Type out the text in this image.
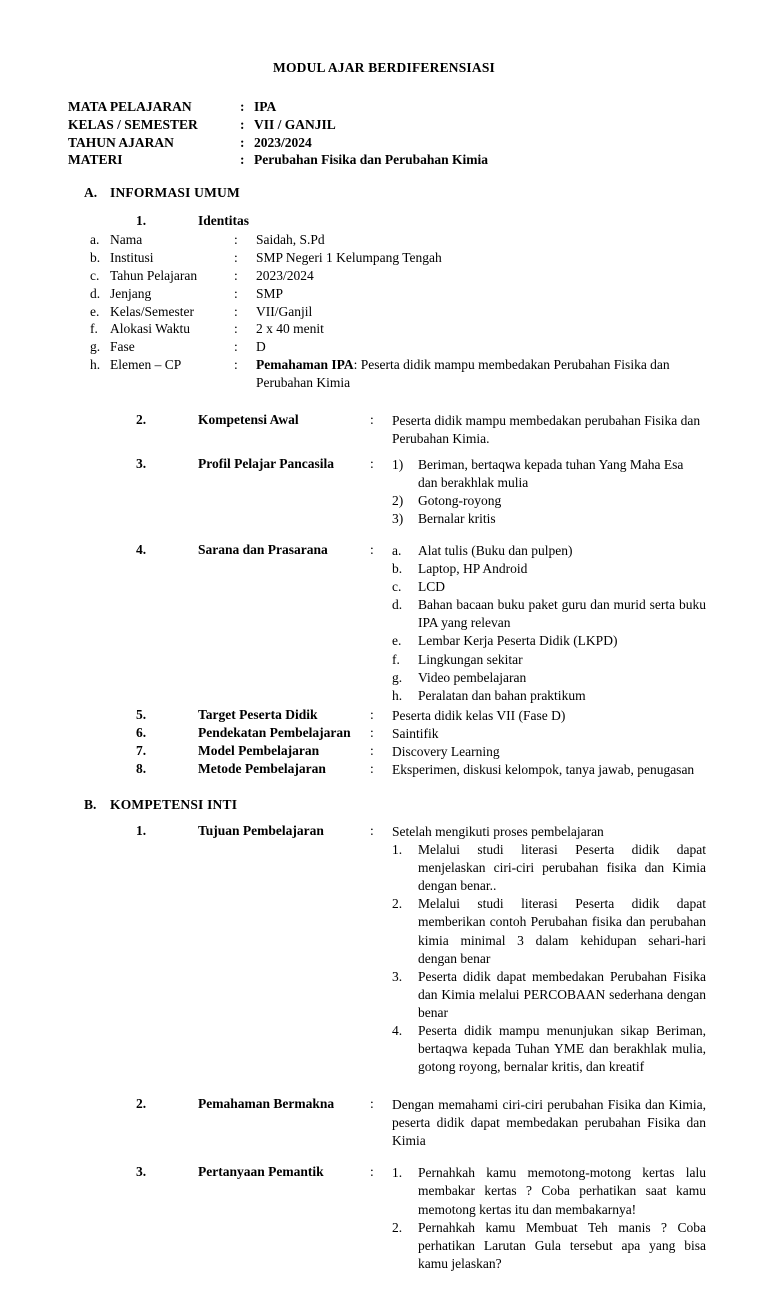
MODUL AJAR BERDIFERENSIASI
MATA PELAJARAN	: IPA
KELAS / SEMESTER	: VII / GANJIL
TAHUN AJARAN	: 2023/2024
MATERI	: Perubahan Fisika dan Perubahan Kimia
A. INFORMASI UMUM
1.	Identitas
a. Nama	:	Saidah, S.Pd
b. Institusi	:	SMP Negeri 1 Kelumpang Tengah
c. Tahun Pelajaran	:	2023/2024
d. Jenjang	:	SMP
e. Kelas/Semester	:	VII/Ganjil
f. Alokasi Waktu	:	2 x 40 menit
g. Fase	:	D
h. Elemen – CP	:	Pemahaman IPA: Peserta didik mampu membedakan Perubahan Fisika dan Perubahan Kimia
2.	Kompetensi Awal	:	Peserta didik mampu membedakan perubahan Fisika dan Perubahan Kimia.
3.	Profil Pelajar Pancasila	:	1)	Beriman, bertaqwa kepada tuhan Yang Maha Esa dan berakhlak mulia
2)	Gotong-royong
3)	Bernalar kritis
4.	Sarana dan Prasarana	:	a.	Alat tulis (Buku dan pulpen)
b.	Laptop, HP Android
c.	LCD
d.	Bahan bacaan buku paket guru dan murid serta buku IPA yang relevan
e.	Lembar Kerja Peserta Didik (LKPD)
f.	Lingkungan sekitar
g.	Video pembelajaran
h.	Peralatan dan bahan praktikum
5.	Target Peserta Didik	:	Peserta didik kelas VII (Fase D)
6.	Pendekatan Pembelajaran	:	Saintifik
7.	Model Pembelajaran	:	Discovery Learning
8.	Metode Pembelajaran	:	Eksperimen, diskusi kelompok, tanya jawab, penugasan
B.	KOMPETENSI INTI
1.	Tujuan Pembelajaran	:	Setelah mengikuti proses pembelajaran
1.	Melalui studi literasi Peserta didik dapat menjelaskan ciri-ciri perubahan fisika dan Kimia dengan benar..
2.	Melalui studi literasi Peserta didik dapat memberikan contoh Perubahan fisika dan perubahan kimia minimal 3 dalam kehidupan sehari-hari dengan benar
3.	Peserta didik dapat membedakan Perubahan Fisika dan Kimia melalui PERCOBAAN sederhana dengan benar
4.	Peserta didik mampu menunjukan sikap Beriman, bertaqwa kepada Tuhan YME dan berakhlak mulia, gotong royong, bernalar kritis, dan kreatif
2.	Pemahaman Bermakna	:	Dengan memahami ciri-ciri perubahan Fisika dan Kimia, peserta didik dapat membedakan perubahan Fisika dan Kimia
3.	Pertanyaan Pemantik	:	1.	Pernahkah kamu memotong-motong kertas lalu membakar kertas ? Coba perhatikan saat kamu memotong kertas itu dan membakarnya!
2.	Pernahkah kamu Membuat Teh manis ? Coba perhatikan Larutan Gula tersebut apa yang bisa kamu jelaskan?
